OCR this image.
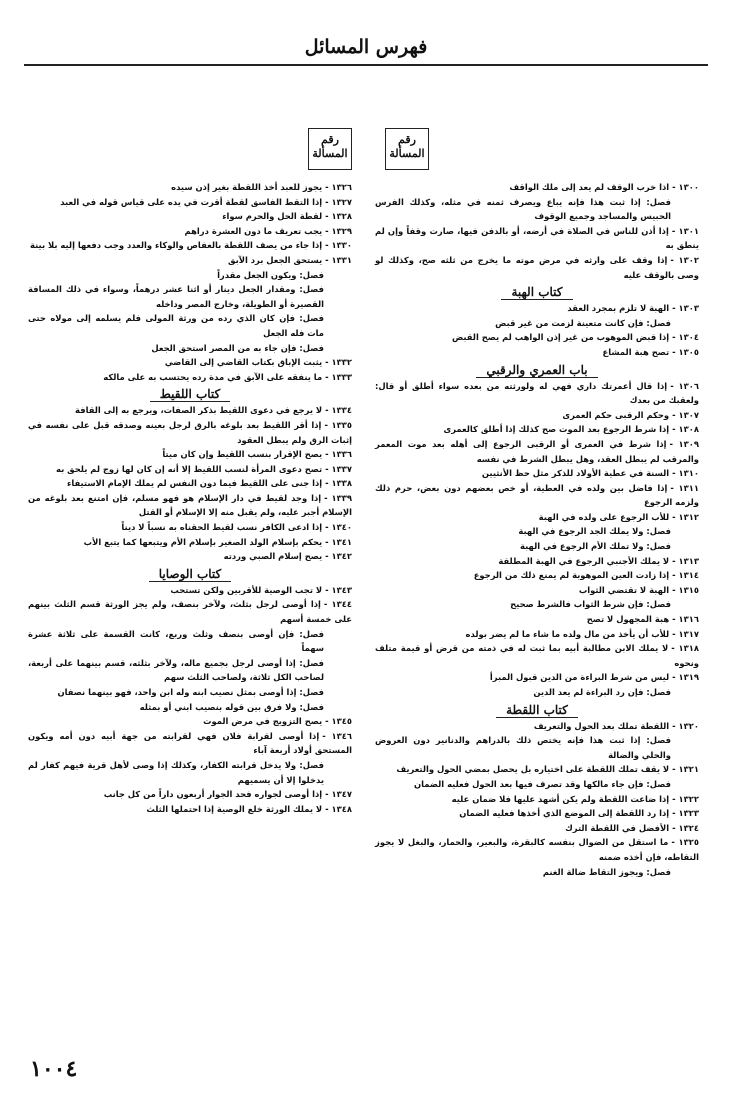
فهرس المسائل
رقم
المسألة
١٣٠٠ -اذا خرب الوقف لم يعد إلى ملك الواقف
فصل: إذا ثبت هذا فإنه يباع ويصرف ثمنه في مثله، وكذلك الفرس الحبيس والمساجد وجميع الوقوف
١٣٠١ -إذا أذن للناس في الصلاة في أرضه، أو بالدفن فيها، صارت وقفاً وإن لم ينطق به
١٣٠٢ -إذا وقف على وارثه في مرض موته ما يخرج من ثلثه صح، وكذلك لو وصى بالوقف عليه
كتاب الهبة
١٣٠٣ -الهبة لا تلزم بمجرد العقد
فصل: فإن كانت متعينة لزمت من غير قبض
١٣٠٤ -إذا قبض الموهوب من غير إذن الواهب لم يصح القبض
١٣٠٥ -تصح هبة المشاع
باب العمري والرقبي
١٣٠٦ -إذا قال أعمرتك داري فهي له ولورثته من بعده سواء أطلق أو قال: ولعقبك من بعدك
١٣٠٧ -وحكم الرقبى حكم العمرى
١٣٠٨ -إذا شرط الرجوع بعد الموت صح كذلك إذا أطلق كالعمرى
١٣٠٩ -إذا شرط في العمرى أو الرقبى الرجوع إلى أهله بعد موت المعمر والمرقب لم يبطل العقد، وهل يبطل الشرط في نفسه
١٣١٠ -السنة في عطية الأولاد للذكر مثل حظ الأنثيين
١٣١١ -إذا فاضل بين ولده في العطية، أو خص بعضهم دون بعض، حرم ذلك ولزمه الرجوع
١٣١٢ -للأب الرجوع على ولده في الهبة
فصل: ولا يملك الجد الرجوع في الهبة
فصل: ولا تملك الأم الرجوع في الهبة
١٣١٣ -لا يملك الأجنبي الرجوع في الهبة المطلقة
١٣١٤ -إذا زادت العين الموهوبة لم يمنع ذلك من الرجوع
١٣١٥ -الهبة لا تقتضي الثواب
فصل: فإن شرط الثواب فالشرط صحيح
١٣١٦ -هبة المجهول لا تصح
١٣١٧ -للأب أن يأخذ من مال ولده ما شاء ما لم يضر بولده
١٣١٨ -لا يملك الابن مطالبة أبيه بما ثبت له في ذمته من قرض أو قيمة متلف ونحوه
١٣١٩ -ليس من شرط البراءة من الدين قبول المبرأ
فصل: فإن رد البراءة لم يعد الدين
كتاب اللقطة
١٣٢٠ -اللقطة تملك بعد الحول والتعريف
فصل: إذا ثبت هذا فإنه يختص ذلك بالدراهم والدنانير دون العروض والحلي والضالة
١٣٢١ -لا يقف تملك اللقطة على اختياره بل يحصل بمضي الحول والتعريف
فصل: فإن جاء مالكها وقد تصرف فيها بعد الحول فعليه الضمان
١٣٢٢ -إذا ضاعت اللقطة ولم يكن أشهد عليها فلا ضمان عليه
١٣٢٣ -إذا رد اللقطة إلى الموضع الذي أخذها فعليه الضمان
١٣٢٤ -الأفضل في اللقطة الترك
١٣٢٥ -ما استقل من الضوال بنفسه كالبقرة، والبعير، والحمار، والبغل لا يجوز التقاطه، فإن أخذه ضمنه
فصل: ويجوز التقاط ضالة الغنم
رقم
المسألة
١٣٢٦ -يجوز للعبد أخذ اللقطة بغير إذن سيده
١٣٢٧ -إذا التقط الفاسق لقطة أقرت في يده على قياس قوله في العبد
١٣٢٨ -لقطة الحل والحرم سواء
١٣٢٩ -يجب تعريف ما دون العشرة دراهم
١٣٣٠ -إذا جاء من يصف اللقطة بالعفاص والوكاء والعدد وجب دفعها إليه بلا بينة
١٣٣١ -يستحق الجعل برد الآبق
فصل: ويكون الجعل مقدراً
فصل: ومقدار الجعل دينار أو اثنا عشر درهماً، وسواء في ذلك المسافة القصيرة أو الطويلة، وخارج المصر وداخله
فصل: فإن كان الذي رده من ورثة المولى فلم يسلمه إلى مولاه حتى مات فله الجعل
فصل: فإن جاء به من المصر استحق الجعل
١٣٣٢ -يثبت الإباق بكتاب القاضي إلى القاضي
١٣٣٣ -ما ينفقه على الآبق في مدة رده يحتسب به على مالكه
كتاب اللقيط
١٣٣٤ -لا يرجع في دعوى اللقيط بذكر الصفات، ويرجع به إلى القافة
١٣٣٥ -إذا أقر اللقيط بعد بلوغه بالرق لرجل بعينه وصدقه قبل على نفسه في إثبات الرق ولم يبطل العقود
١٣٣٦ -يصح الإقرار بنسب اللقيط وإن كان ميتاً
١٣٣٧ -تصح دعوى المرأة لنسب اللقيط إلا أنه إن كان لها زوج لم يلحق به
١٣٣٨ -إذا جنى على اللقيط فيما دون النفس لم يملك الإمام الاستيفاء
١٣٣٩ -إذا وجد لقيط في دار الإسلام هو فهو مسلم، فإن امتنع بعد بلوغه من الإسلام أجبر عليه، ولم يقبل منه إلا الإسلام أو القتل
١٣٤٠ -إذا ادعى الكافر نسب لقيط الحقناه به نسباً لا ديناً
١٣٤١ -يحكم بإسلام الولد الصغير بإسلام الأم ويتبعها كما يتبع الأب
١٣٤٢ -يصح إسلام الصبي وردته
كتاب الوصايا
١٣٤٣ -لا تجب الوصية للأقربين ولكن تستحب
١٣٤٤ -إذا أوصى لرجل بثلث، ولآخر بنصف، ولم يجز الورثة قسم الثلث بينهم على خمسة أسهم
فصل: فإن أوصى بنصف وثلث وربع، كانت القسمة على ثلاثة عشرة سهماً
فصل: إذا أوصى لرجل بجميع ماله، ولآخر بثلثه، قسم بينهما على أربعة، لصاحب الكل ثلاثة، ولصاحب الثلث سهم
فصل: إذا أوصى بمثل نصيب ابنه وله ابن واحد، فهو بينهما نصفان
فصل: ولا فرق بين قوله بنصيب ابني أو بمثله
١٣٤٥ -يصح التزويج في مرض الموت
١٣٤٦ -إذا أوصى لقرابة فلان فهي لقرابته من جهة أبيه دون أمه ويكون المستحق أولاد أربعة آباء
فصل: ولا يدخل قرابته الكفار، وكذلك إذا وصى لأهل قرية فيهم كفار لم يدخلوا إلا أن يسميهم
١٣٤٧ -إذا أوصى لجواره فحد الجوار أربعون داراً من كل جانب
١٣٤٨ -لا يملك الورثة خلع الوصية إذا احتملها الثلث
١٠٠٤
